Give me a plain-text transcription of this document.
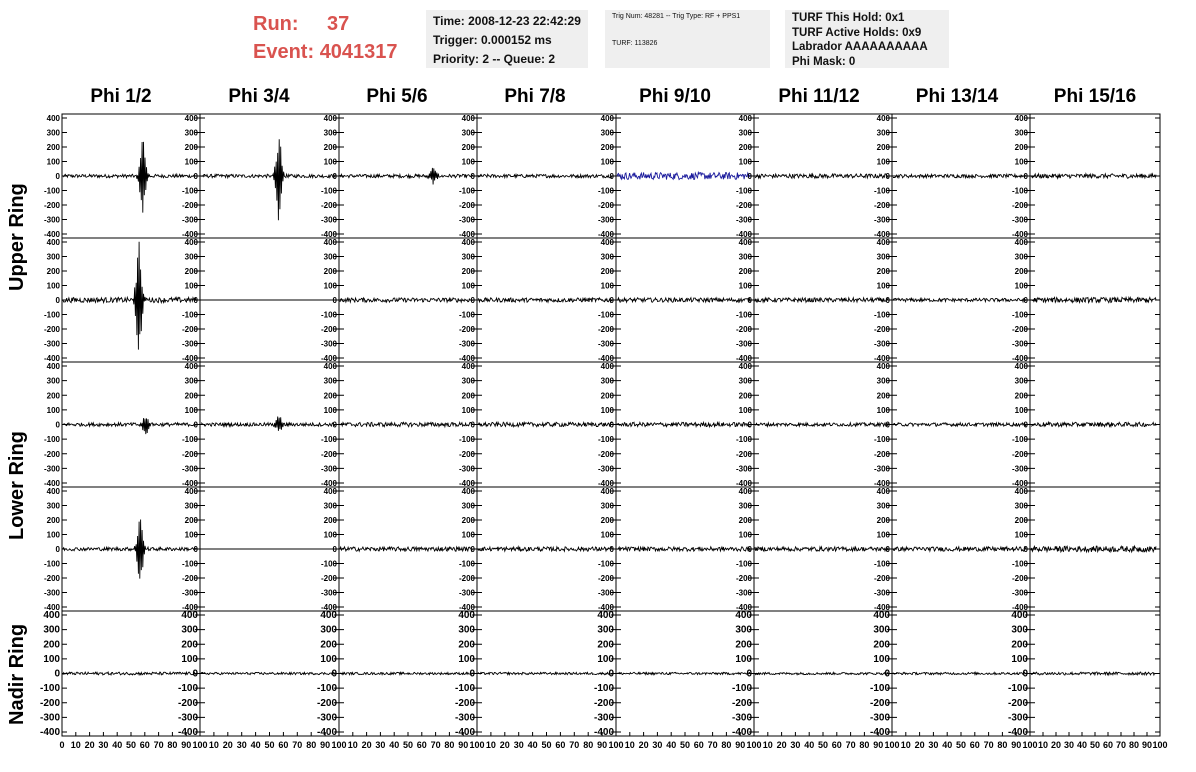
Run:	37
Event:
4041317
Time: 2008-12-23 22:42:29
Trigger: 0.000152 ms
Priority: 2 -- Queue: 2
Trig Num: 48281 -- Trig Type: RF + PPS1
TURF: 113826
TURF This Hold: 0x1
TURF Active Holds: 0x9
Labrador AAAAAAAAAA
Phi Mask: 0
Phi 1/2	Phi 3/4	Phi 5/6	Phi 7/8	Phi 9/10	Phi 11/12	Phi 13/14	Phi 15/16
Upper Ring
Lower Ring
Nadir Ring
400
300
200
100
0
-100
-200
-300
-400
400
300
200
100
0
-100
-200
-300
-400
400
300
200
100
0
-100
-200
-300
-400
400
300
200
100
0
-100
-200
-300
-400
400
300
200
100
0
-100
-200
-300
-400
400
300
200
100
0
-100
-200
-300
-400
400
300
200
100
0
-100
-200
-300
-400
400
300
200
100
0
-100
-200
-300
-400
400
300
200
100
0
-100
-200
-300
-400
400
300
200
100
0
-100
-200
-300
-400
400
300
200
100
0
-100
-200
-300
-400
400
300
200
100
0
-100
-200
-300
-400
400
300
200
100
0
-100
-200
-300
-400
400
300
200
100
0
-100
-200
-300
-400
400
300
200
100
0
-100
-200
-300
-400
400
300
200
100
0
-100
-200
-300
-400
400
300
200
100
0
-100
-200
-300
-400
400
300
200
100
0
-100
-200
-300
-400
400
300
200
100
0
-100
-200
-300
-400
400
300
200
100
0
-100
-200
-300
-400
400
300
200
100
0
-100
-200
-300
-400
400
300
200
100
0
-100
-200
-300
-400
400
300
200
100
0
-100
-200
-300
-400
400
300
200
100
0
-100
-200
-300
-400
400
300
200
100
0
-100
-200
-300
-400
400
300
200
100
0
-100
-200
-300
-400
400
300
200
100
0
-100
-200
-300
-400
400
300
200
100
0
-100
-200
-300
-400
400
300
200
100
0
-100
-200
-300
-400
400
300
200
100
0
-100
-200
-300
-400
400
300
200
100
0
-100
-200
-300
-400
400
300
200
100
0
-100
-200
-300
-400
400
300
200
100
0
-100
-200
-300
-400
400
300
200
100
0
-100
-200
-300
-400
400
300
200
100
0
-100
-200
-300
-400
400
300
200
100
0
-100
-200
-300
-400
400
300
200
100
0
-100
-200
-300
-400
400
300
200
100
0
-100
-200
-300
-400
400
300
200
100
0
-100
-200
-300
-400
400
300
200
100
0
-100
-200
-300
-400
0 10 20 30 40 50 60 70 80 90 100 10 20 30 40 50 60 70 80 90 100 10 20 30 40 50 60 70 80 90 100 10 20 30 40 50 60 70 80 90 100 10 20 30 40 50 60 70 80 90 100 10 20 30 40 50 60 70 80 90 100 10 20 30 40 50 60 70 80 90 100 10 20 30 40 50 60 70 80 90 100
